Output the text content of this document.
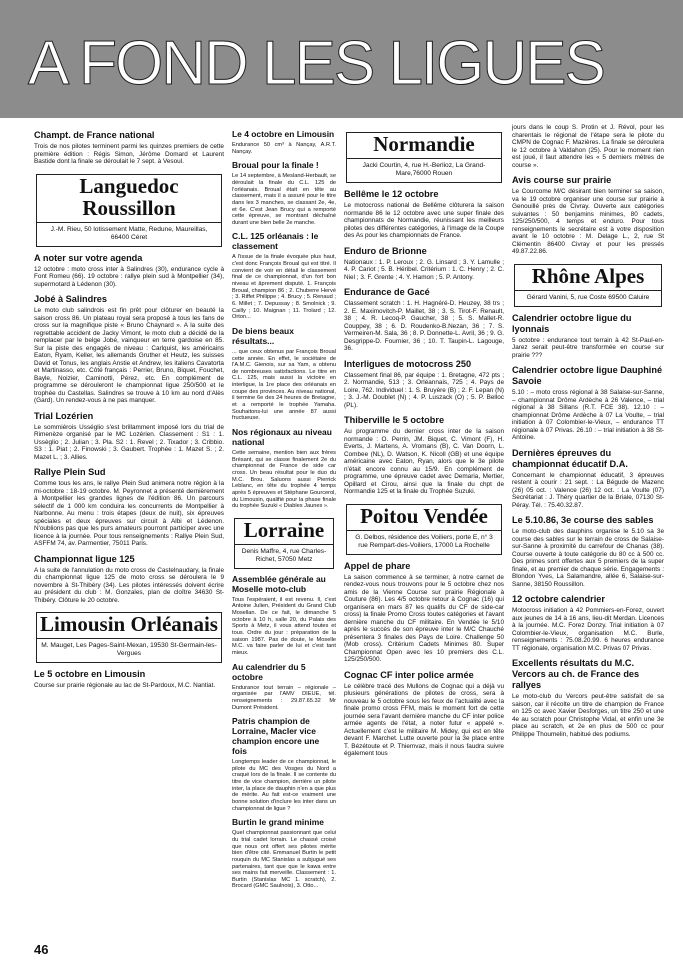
A FOND LES LIGUES
Champt. de France national

Trois de nos pilotes terminent parmi les quinzes premiers de cette première édition : Régis Simon, Jérôme Domard et Laurent Bastide dont la finale se déroulait le 7 sept. à Vesoul.

Languedoc Roussillon
J.-M. Rieu, 50 lotissement Matte, Redune, Maureillas, 66400 Céret
A noter sur votre agenda

12 octobre : moto cross inter à Salindres (30), endurance cycle à Font Romeu (66). 19 octobre : rallye plein sud à Montpellier (34), supermotard à Lédenon (30).

Jobé à Salindres

Le moto club salindrois est fin prêt pour clôturer en beauté la saison cross 86. Un plateau royal sera proposé à tous les fans de cross sur la magnifique piste « Bruno Chaynard ». A la suite des regrettable accident de Jacky Vimont, le moto club a décidé de la remplacer par le belge Jobé, vainqueur en terre gardoise en 85. Sur la piste des engagés de niveau : Carlquist, les américains Eaton, Ryam, Keller, les allemands Gruther et Heutz, les suisses David et Tonus, les anglais Anstie et Andrew, les italiens Cavatorta et Martinasso, etc. Côté français : Perrier, Bruno, Biquet, Fouchet, Bayle, Noizier, Caminotti, Pérez, etc. En complément de programme se dérouleront le championnat ligue 250/500 et le trophée du Castellas. Salindres se trouve à 10 km au nord d'Alès (Gard). Un rendez-vous à ne pas manquer.

Trial Lozérien

Le sommiérois Usségliо s'est brillamment imposé lors du trial de Rimenèze organisé par le MC Lozérien. Classement : S1 : 1. Ussèglio ; 2. Julian ; 3. Pla. S2 : 1. Revel ; 2. Tixador ; 3. Cribbio. S3 : 1. Piat ; 2. Finowski ; 3. Gaubert. Trophée : 1. Mazet S. ; 2. Mazet L. ; 3. Allies.

Rallye Plein Sud

Comme tous les ans, le rallye Plein Sud animera notre région à la mi-octobre : 18-19 octobre. M. Peyronnet a présenté dernièrement à Montpellier les grandes lignes de l'édition 86. Un parcours sélectif de 1 000 km conduira les concurrents de Montpellier à Narbonne. Au menu : trois étapes (deux de nuit), six épreuves spéciales et deux épreuves sur circuit à Albi et Lédenon. N'oublions pas que les purs amateurs pourront participer avec une licence à la journée. Pour tous renseignements : Rallye Plein Sud, ASFFM 74, av. Parmentier, 75011 Paris.

Championnat ligue 125

A la suite de l'annulation du moto cross de Castelnaudary, la finale du championnat ligue 125 de moto cross se déroulera le 9 novembre à St-Thibéry (34). Les pilotes intéressés doivent écrire au président du club : M. Gonzales, plan de cloître 34630 St-Thibéry. Clôture le 20 octobre.

Limousin Orléanais
M. Mauget, Les Pages-Saint-Mexan, 19530 St-Germain-les-Vergues
Le 5 octobre en Limousin

Course sur prairie régionale au lac de St-Pardoux, M.C. Nantiat.

Le 4 octobre en Limousin

Endurance 50 cm³ à Nançay, A.R.T. Nançay.

Broual pour la finale !

Le 14 septembre, à Mesland-Herbault, se déroulait la finale du C.L. 125 de l'orléanais. Broual était en tête au classement, mais il a assuré pour le titre dans les 3 manches, se classant 2e, 4e, et 6e. C'est Jean Brucy qui a remporté cette épreuve, se montrant déchaîné durant une bien belle 2e manche.

C.L. 125 orléanais : le classement

A l'issue de la finale évoquée plus haut, c'est donc François Broual qui est titré. Il convient de voir en détail le classement final de ce championnat, d'un fort bon niveau et âprement disputé. 1. François Broual, champion 86 ; 2. Chuberre Hervé ; 3. Riffet Philippe ; 4. Brucy ; 5. Renaud ; 6. Millet ; 7. Depussay ; 8. Smolnick ; 9. Cailly ; 10. Maignan ; 11. Trolard ; 12. Orton...

De biens beaux résultats...

... que ceux obtenus par François Broual cette année. En effet, le sociétaire de l'A.M.C. Gienois, sur sa Yam, a obtenu de nombreuses satisfactions. Le titre en C.L. 125, mais aussi la victoire en interligue, la 1re place des orléanais en coupe des provinces. Au niveau national, il termine 6e des 24 heures de Bretagne, et a remporté le trophée Yamaha. Souhaitons-lui une année 87 aussi fructueuse.

Nos régionaux au niveau national

Cette semaine, mention bien aux frères Brésant, qui se classe finalement 2e du championnat de France de side car cross. Un beau résultat pour le duo du M.C. Brou. Saluons aussi Pierrick Leblanc, en tête du trophée 4 temps après 5 épreuves et Stéphane Gourcerol, du Limousin, qualifié pour la phase finale du trophée Suzuki « Diables Jaunes ».

Lorraine
Denis Maffre, 4, rue Charles-Richet, 57050 Metz
Assemblée générale au Moselle moto-club

Tous l'espéraient, il est revenu. Il, c'est Antoine Julien, Président du Grand Club Mosellan. De ce fait, le dimanche 5 octobre à 10 h, salle 20, du Palais des Sports à Metz, il vous attend toutes et tous. Ordre du jour : préparation de la saison 1987. Pas de doute, le Moselle M.C. va faire parler de lui et c'est tant mieux.

Au calendrier du 5 octobre

Endurance tout terrain – régionale – organisée par l'AMV DIEUE, tél. renseignements : 29.87.65.32 Mr Dumont Président.

Patris champion de Lorraine, Macler vice champion encore une fois

Longtemps leader de ce championnat, le pilote du MC des Vosges du Nord a craqué lors de la finale. Il se contente du titre de vice champion, derrière un pilote inter, la place de dauphin n'en a que plus de mérite. Au fait est-ce vraiment une bonne solution d'inclure les inter dans un championnat de ligue ?

Burtin le grand minime

Quel championnat passionnant que celui du trial cadet lorrain. Le chassé croisé que nous ont offert ses pilotes mérite bien d'être cité. Emmanuel Burtin le petit rouquin du MC Stanislas a subjugué ses partenaires, tant que que le kawa entre ses mains fait merveille. Classement : 1. Burtin (Stanislas MC 1. scratch), 2. Brocard (GMC Saulnois), 3. Otto...

Normandie
Jacki Courtin, 4, rue H.-Berlioz, La Grand-Mare,76000 Rouen
Bellême le 12 octobre

Le motocross national de Bellême clôturera la saison normande 86 le 12 octobre avec une super finale des championnats de Normandie, réunissant les meilleurs pilotes des différentes catégories, à l'image de la Coupe des As pour les championnats de France.

Enduro de Brionne

Nationaux : 1. P. Leroux ; 2. G. Linsard ; 3. Y. Lamulle ; 4. P. Cariot ; 5. B. Héribel. Critérium : 1. C. Henry ; 2. C. Niel ; 3. F. Grente ; 4. Y. Hamon ; 5. P. Antony.

Endurance de Gacé

Classement scratch : 1. H. Hagnéré-D. Heuzey, 38 trs ; 2. E. Maximovitch-P. Maillet, 38 ; 3. S. Tirot-F. Renault, 38 ; 4. R. Lecoq-P. Gaucher, 38 ; 5. S. Mallet-R. Couppey, 38 ; 6. D. Roudenko-B.Nezan, 36 ; 7. S. Vermeiren-M. Sala, 36 ; 8. P. Donnette-L. Avril, 36 ; 9. G. Desgrippe-D. Fournier, 36 ; 10. T. Taupin-L. Lagouge, 36.

Interligues de motocross 250

Classement final 86, par équipe : 1. Bretagne, 472 pts ; 2. Normandie, 513 ; 3. Orléannais, 725 ; 4. Pays de Loire, 762. Individuel : 1. S. Bruyère (B) ; 2. F. Lepan (N) ; 3. J.-M. Doublet (N) ; 4. P. Luszack (O) ; 5. P. Belloc (PL).

Thiberville le 5 octobre

Au programme du dernier cross inter de la saison normande : O. Perrin, JM. Biquet, C. Vimont (F), H. Everts, J. Martens, A. Vromans (B), C. Van Doorn, L. Combee (NL), D. Watson, K. Nicoll (GB) et une équipe américaine avec Eaton, Ryan, alors que le 3e pilote n'était encore connu au 15/9. En complément de programme, une épreuve cadet avec Demaria, Mertier, Opillard et Cirou, ainsi que la finale du chpt de Normandie 125 et la finale du Trophée Suzuki.

Poitou Vendée
G. Delbos, résidence des Voiliers, porte E, n° 3 rue Rempart-des-Voiliers, 17000 La Rochelle
Appel de phare

La saison commence à se terminer, à notre carnet de rendez-vous nous trouvons pour le 5 octobre chez nos amis de la Vienne Course sur prairie Régionale à Couture (86). Les 4/5 octobre retour à Cognac (16) qui organisera en mars 87 les qualifs du CF de side-car cross) la finale Promo Cross toutes catégories et l'avant dernière manche du CF militaire. En Vendée le 5/10 après le succès de son épreuve inter le M/C Chauché présentera 3 finales des Pays de Loire. Challenge 50 (Mob cross). Critérium Cadets Minimes 80. Super Championnat Open avec les 10 premiers des C.L. 125/250/500.

Cognac CF inter police armée

Le célèbre tracé des Mullons de Cognac qui a déjà vu plusieurs générations de pilotes de cross, sera à nouveau le 5 octobre sous les feux de l'actualité avec la finale promo cross FFM, mais le moment fort de cette journée sera l'avant dernière manche du CF inter police armée agents de l'état, a noter futur « appelé ». Actuellement c'est le militaire M. Midey, qui est en tête devant F. Marchet. Lutte ouverte pour la 3e place entre T. Bézétoute et P. Thiemvaz, mais il nous faudra suivre également tous

jours dans le coup S. Protin et J. Révol, pour les charentais le régional de l'étape sera le pilote du CMPN de Cognac F. Mazières. La finale se déroulera le 12 octobre à Valdahon (25). Pour le moment rien est joué, il faut attendre les « 5 derniers mètres de course ».

Avis course sur prairie

Le Courcome M/C désirant bien terminer sa saison, va le 19 octobre organiser une course sur prairie à Genouillé près de Civray. Ouverte aux catégories suivantes : 50 benjamins minimes, 80 cadets, 125/250/500, 4 temps et enduro. Pour tous renseignements le secrétaire est à votre disposition avant le 10 octobre : M. Delage L., 2, rue St Clémentin 86400 Civray et pour les pressés 49.87.22.86.

Rhône Alpes
Gérard Vanini, 5, rue Coste 69500 Caluire
Calendrier octobre ligue du lyonnais

5 octobre : endurance tout terrain à 42 St-Paul-en-Jarez serait peut-être transformée en course sur prairie ???

Calendrier octobre ligue Dauphiné Savoie

5.10 : – moto cross régional à 38 Salaise-sur-Sanne, – championnat Drôme Ardèche à 26 Valence, – trial régional à 38 Sillans (R.T. FCE 38). 12.10 : – championnat Drôme Ardèche à 07 La Voulte, – trial initiation à 07 Colombier-le-Vieux, – endurance TT régionale à 07 Privas. 26.10 : – trial initiation à 38 St-Antoine.

Dernières épreuves du championnat éducatif D.A.

Concernant le championnat éducatif, 3 épreuves restent à courir : 21 sept. : La Bégude de Mazenc (26) 05 oct. : Valence (26) 12 oct. : La Voulte (07) Secrétariat : J. Théry quartier de la Briale, 07130 St-Péray. Tél. : 75.40.32.87.

Le 5.10.86, 3e course des sables

Le moto-club des dauphins organise le 5.10 sa 3e course des sables sur le terrain de cross de Salaise-sur-Sanne à proximité du carrefour de Chanas (38). Course ouverte à toute catégorie du 80 cc à 500 cc. Des primes sont offertes aux 5 premiers de la super finale, et au premier de chaque série. Engagements : Blondon Yves, La Salamandre, allée 6, Salaise-sur-Sanne, 38150 Roussillon.

12 octobre calendrier

Motocross initiation à 42 Pommiers-en-Forez, ouvert aux jeunes de 14 à 16 ans, lieu-dit Merdan. Licences à la journée. M.C. Forez Donzy. Trial initiation à 07 Colombier-le-Vieux, organisation M.C. Burle, renseignements : 75.08.20.99. 6 heures endurance TT régionale, organisation M.C. Privas 07 Privas.

Excellents résultats du M.C. Vercors au ch. de France des rallyes

Le moto-club du Vercors peut-être satisfait de sa saison, car il récolte un titre de champion de France en 125 cc avec Xavier Desforges, un titre 250 et une 4e au scratch pour Christophe Vidal, et enfin une 3e place au scratch, et 2e en plus de 500 cc pour Philippe Thoumelin, habitué des podiums.

46
